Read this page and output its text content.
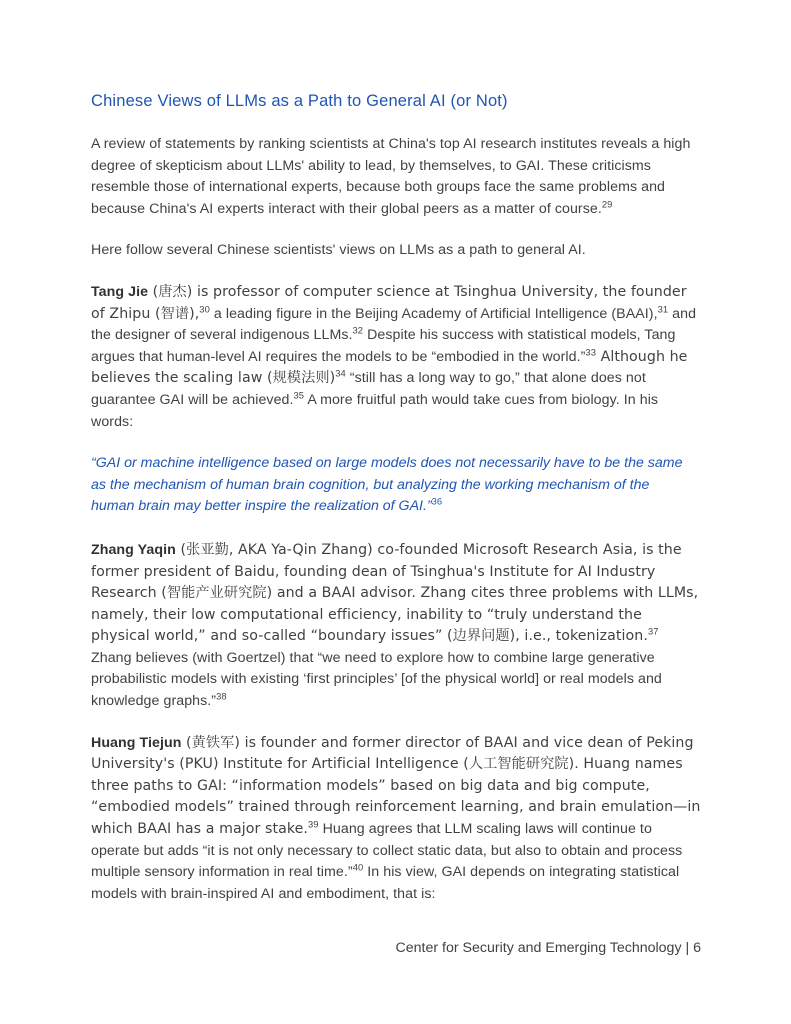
Chinese Views of LLMs as a Path to General AI (or Not)

A review of statements by ranking scientists at China's top AI research institutes reveals a high degree of skepticism about LLMs' ability to lead, by themselves, to GAI. These criticisms resemble those of international experts, because both groups face the same problems and because China's AI experts interact with their global peers as a matter of course.$^{29}$

Here follow several Chinese scientists' views on LLMs as a path to general AI.

Tang Jie (唐杰) is professor of computer science at Tsinghua University, the founder of Zhipu (智谱),$^{30}$ a leading figure in the Beijing Academy of Artificial Intelligence (BAAI),$^{31}$ and the designer of several indigenous LLMs.$^{32}$ Despite his success with statistical models, Tang argues that human-level AI requires the models to be “embodied in the world.”$^{33}$ Although he believes the scaling law (规模法则)$^{34}$ “still has a long way to go,” that alone does not guarantee GAI will be achieved.$^{35}$ A more fruitful path would take cues from biology. In his words:

“GAI or machine intelligence based on large models does not necessarily have to be the same as the mechanism of human brain cognition, but analyzing the working mechanism of the human brain may better inspire the realization of GAI.”$^{36}$

Zhang Yaqin (张亚勤, AKA Ya-Qin Zhang) co-founded Microsoft Research Asia, is the former president of Baidu, founding dean of Tsinghua's Institute for AI Industry Research (智能产业研究院) and a BAAI advisor. Zhang cites three problems with LLMs, namely, their low computational efficiency, inability to “truly understand the physical world,” and so-called “boundary issues” (边界问题), i.e., tokenization.$^{37}$ Zhang believes (with Goertzel) that “we need to explore how to combine large generative probabilistic models with existing ‘first principles’ [of the physical world] or real models and knowledge graphs.”$^{38}$

Huang Tiejun (黄铁军) is founder and former director of BAAI and vice dean of Peking University's (PKU) Institute for Artificial Intelligence (人工智能研究院). Huang names three paths to GAI: “information models” based on big data and big compute, “embodied models” trained through reinforcement learning, and brain emulation—in which BAAI has a major stake.$^{39}$ Huang agrees that LLM scaling laws will continue to operate but adds “it is not only necessary to collect static data, but also to obtain and process multiple sensory information in real time.”$^{40}$ In his view, GAI depends on integrating statistical models with brain-inspired AI and embodiment, that is:

Center for Security and Emerging Technology | 6
